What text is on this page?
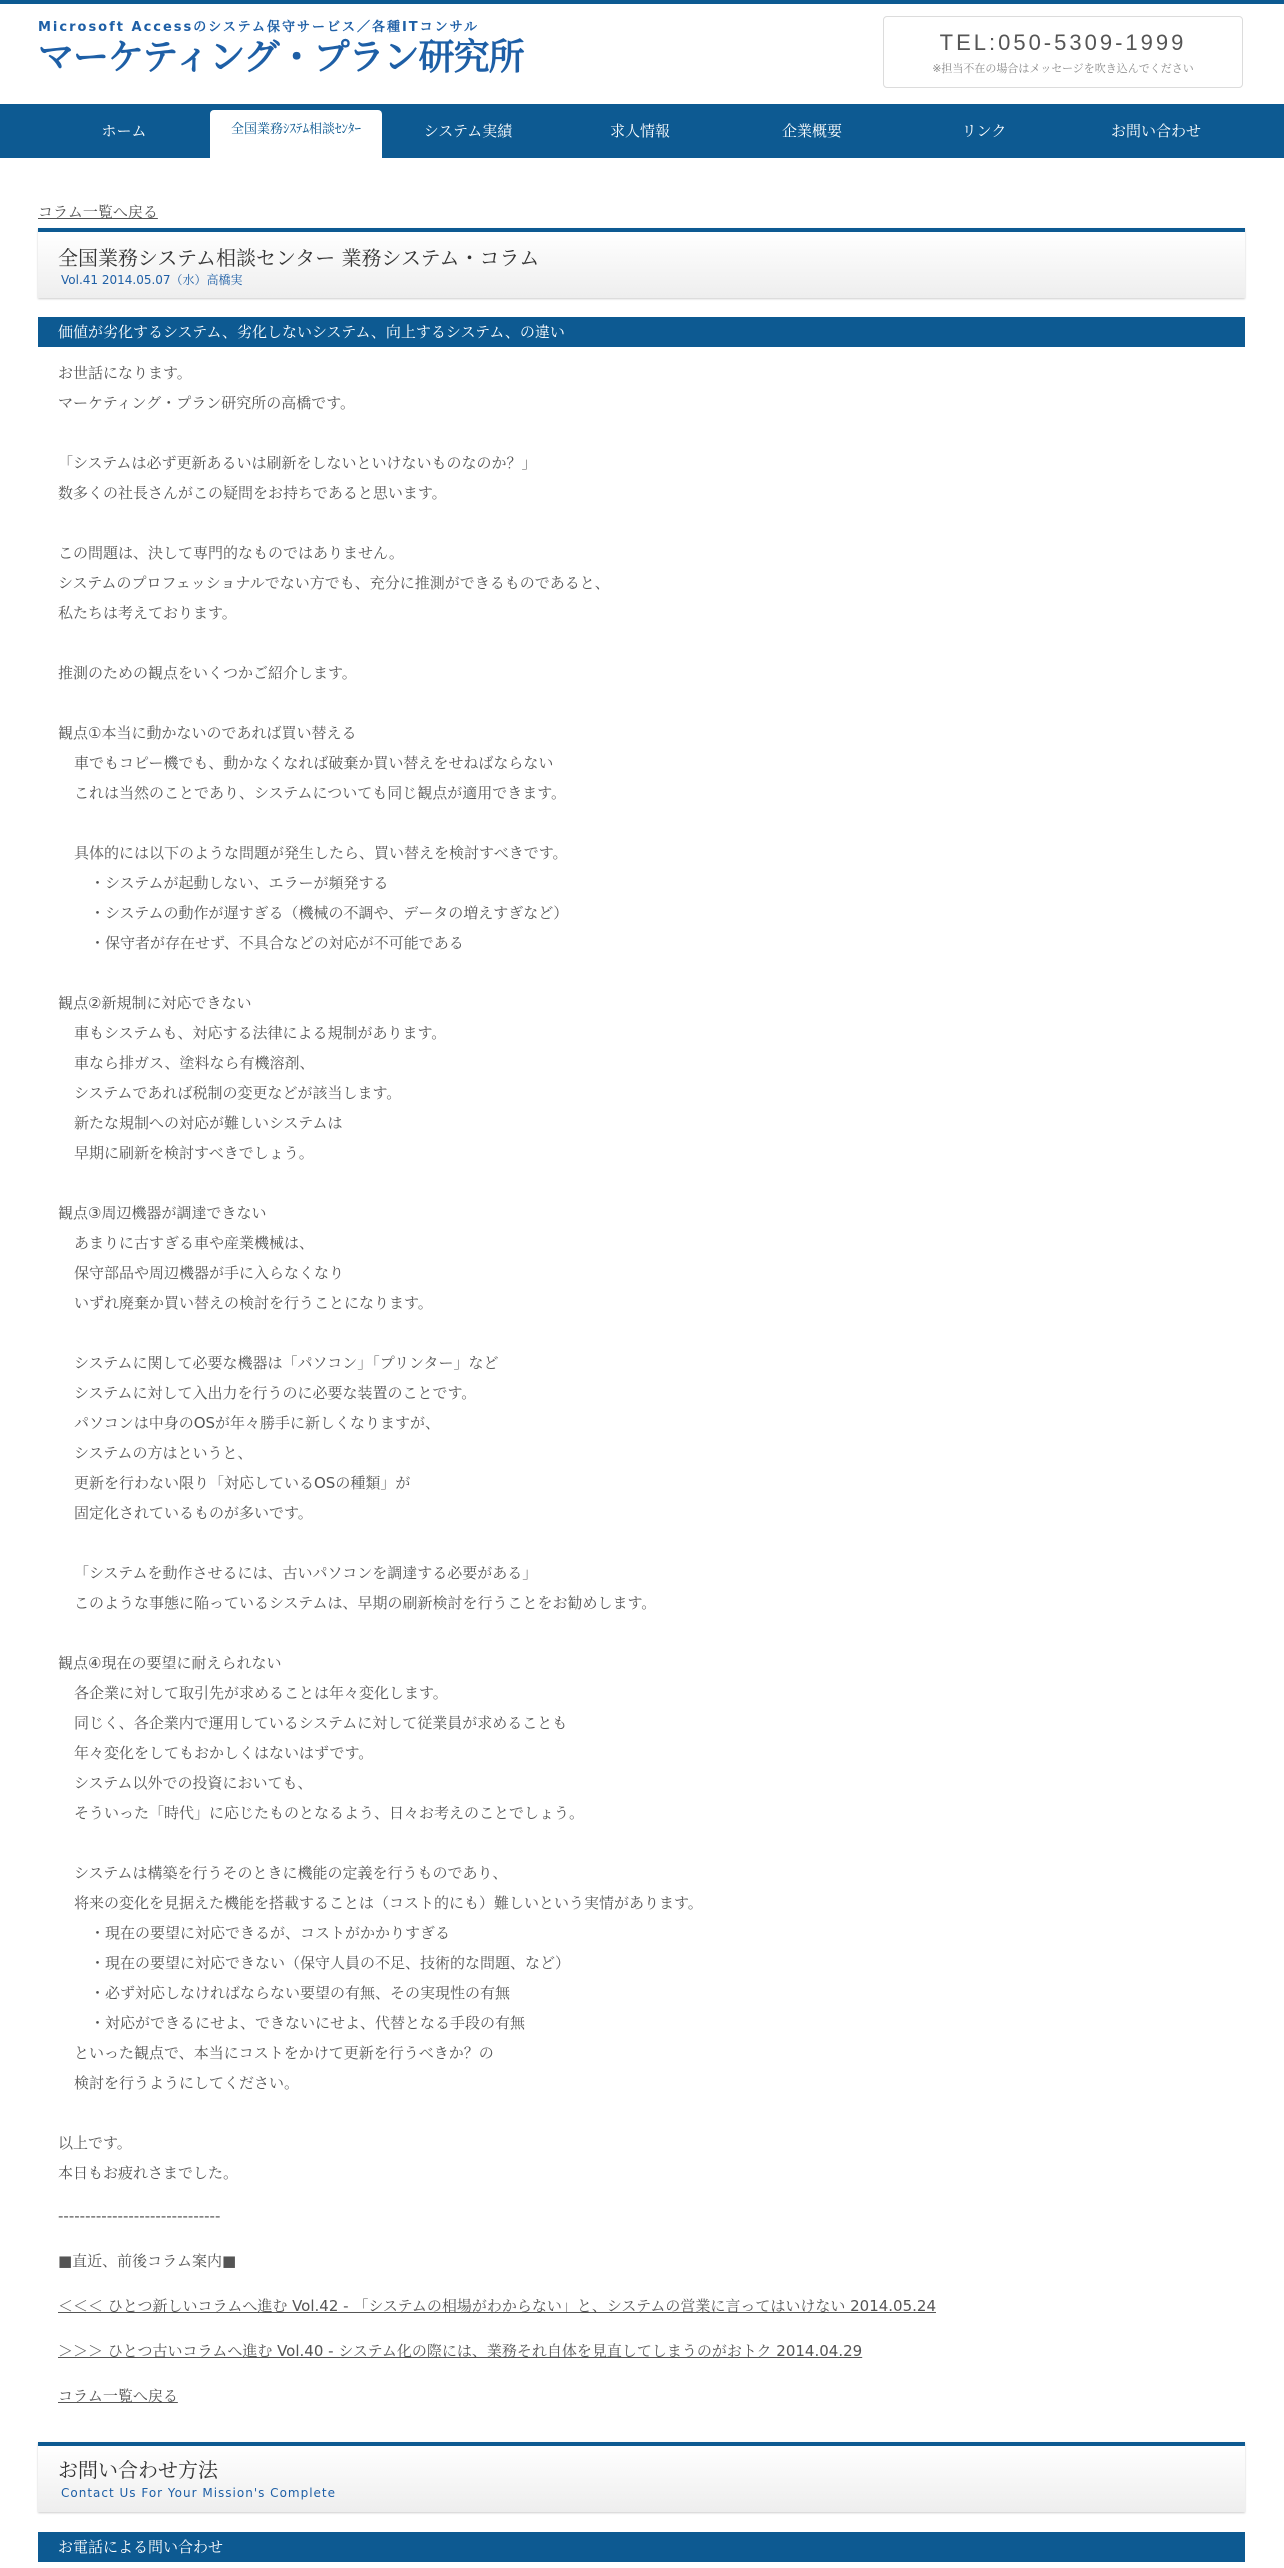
Microsoft Accessのシステム保守サービス／各種ITコンサル
マーケティング・プラン研究所	TEL:050-5309-1999
※担当不在の場合はメッセージを吹き込んでください
ホーム	全国業務ｼｽﾃﾑ相談ｾﾝﾀｰ	システム実績	求人情報	企業概要	リンク	お問い合わせ
コラム一覧へ戻る
全国業務システム相談センター 業務システム・コラム
Vol.41 2014.05.07（水）高橋実
価値が劣化するシステム、劣化しないシステム、向上するシステム、の違い
お世話になります。
マーケティング・プラン研究所の高橋です。
「システムは必ず更新あるいは刷新をしないといけないものなのか？」
数多くの社長さんがこの疑問をお持ちであると思います。
この問題は、決して専門的なものではありません。
システムのプロフェッショナルでない方でも、充分に推測ができるものであると、
私たちは考えております。
推測のための観点をいくつかご紹介します。
観点①本当に動かないのであれば買い替える
車でもコピー機でも、動かなくなれば破棄か買い替えをせねばならない
これは当然のことであり、システムについても同じ観点が適用できます。
具体的には以下のような問題が発生したら、買い替えを検討すべきです。
・システムが起動しない、エラーが頻発する
・システムの動作が遅すぎる（機械の不調や、データの増えすぎなど）
・保守者が存在せず、不具合などの対応が不可能である
観点②新規制に対応できない
車もシステムも、対応する法律による規制があります。
車なら排ガス、塗料なら有機溶剤、
システムであれば税制の変更などが該当します。
新たな規制への対応が難しいシステムは
早期に刷新を検討すべきでしょう。
観点③周辺機器が調達できない
あまりに古すぎる車や産業機械は、
保守部品や周辺機器が手に入らなくなり
いずれ廃棄か買い替えの検討を行うことになります。
システムに関して必要な機器は「パソコン」「プリンター」など
システムに対して入出力を行うのに必要な装置のことです。
パソコンは中身のOSが年々勝手に新しくなりますが、
システムの方はというと、
更新を行わない限り「対応しているOSの種類」が
固定化されているものが多いです。
「システムを動作させるには、古いパソコンを調達する必要がある」
このような事態に陥っているシステムは、早期の刷新検討を行うことをお勧めします。
観点④現在の要望に耐えられない
各企業に対して取引先が求めることは年々変化します。
同じく、各企業内で運用しているシステムに対して従業員が求めることも
年々変化をしてもおかしくはないはずです。
システム以外での投資においても、
そういった「時代」に応じたものとなるよう、日々お考えのことでしょう。
システムは構築を行うそのときに機能の定義を行うものであり、
将来の変化を見据えた機能を搭載することは（コスト的にも）難しいという実情があります。
・現在の要望に対応できるが、コストがかかりすぎる
・現在の要望に対応できない（保守人員の不足、技術的な問題、など）
・必ず対応しなければならない要望の有無、その実現性の有無
・対応ができるにせよ、できないにせよ、代替となる手段の有無
といった観点で、本当にコストをかけて更新を行うべきか？の
検討を行うようにしてください。
以上です。
本日もお疲れさまでした。
------------------------------
■直近、前後コラム案内■
＜＜＜ ひとつ新しいコラムへ進む Vol.42 - 「システムの相場がわからない」と、システムの営業に言ってはいけない 2014.05.24
＞＞＞ ひとつ古いコラムへ進む Vol.40 - システム化の際には、業務それ自体を見直してしまうのがおトク 2014.04.29
コラム一覧へ戻る
お問い合わせ方法
Contact Us For Your Mission's Complete
お電話による問い合わせ
